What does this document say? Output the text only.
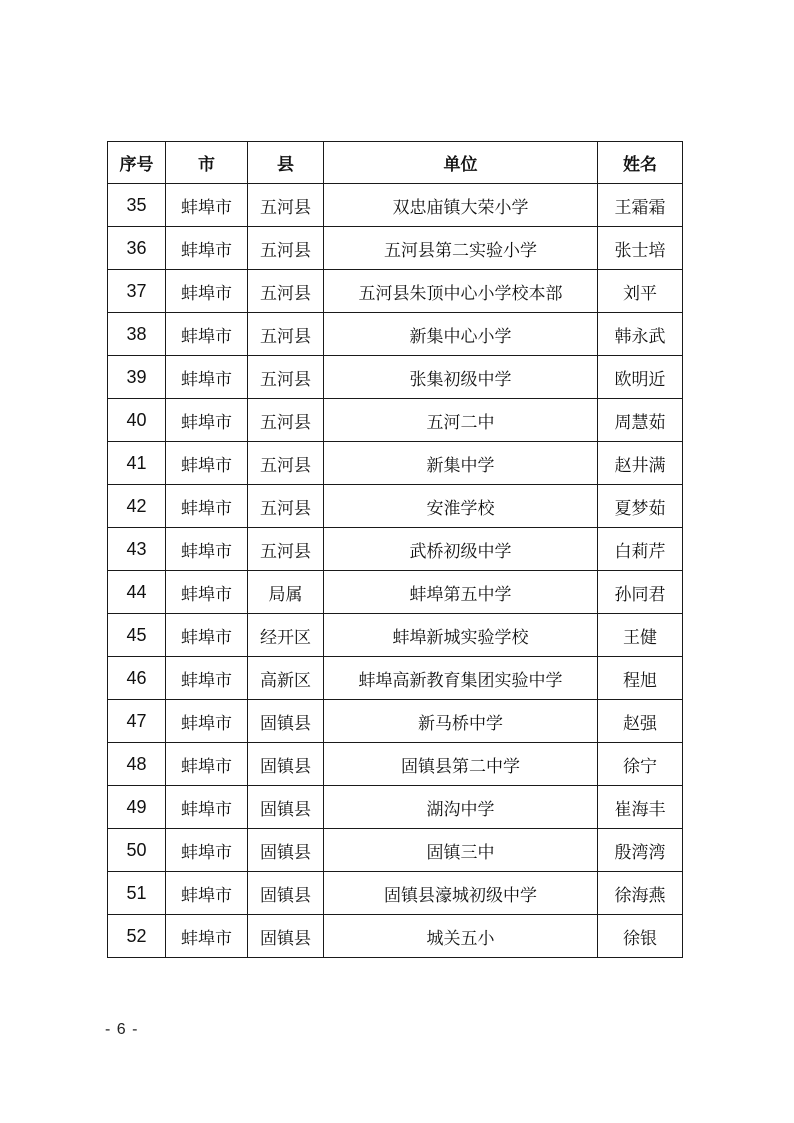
序号	市	县	单位	姓名
35	蚌埠市	五河县	双忠庙镇大荣小学	王霜霜
36	蚌埠市	五河县	五河县第二实验小学	张士培
37	蚌埠市	五河县	五河县朱顶中心小学校本部	刘平
38	蚌埠市	五河县	新集中心小学	韩永武
39	蚌埠市	五河县	张集初级中学	欧明近
40	蚌埠市	五河县	五河二中	周慧茹
41	蚌埠市	五河县	新集中学	赵井满
42	蚌埠市	五河县	安淮学校	夏梦茹
43	蚌埠市	五河县	武桥初级中学	白莉芹
44	蚌埠市	局属	蚌埠第五中学	孙同君
45	蚌埠市	经开区	蚌埠新城实验学校	王健
46	蚌埠市	高新区	蚌埠高新教育集团实验中学	程旭
47	蚌埠市	固镇县	新马桥中学	赵强
48	蚌埠市	固镇县	固镇县第二中学	徐宁
49	蚌埠市	固镇县	湖沟中学	崔海丰
50	蚌埠市	固镇县	固镇三中	殷湾湾
51	蚌埠市	固镇县	固镇县濠城初级中学	徐海燕
52	蚌埠市	固镇县	城关五小	徐银
- 6 -
